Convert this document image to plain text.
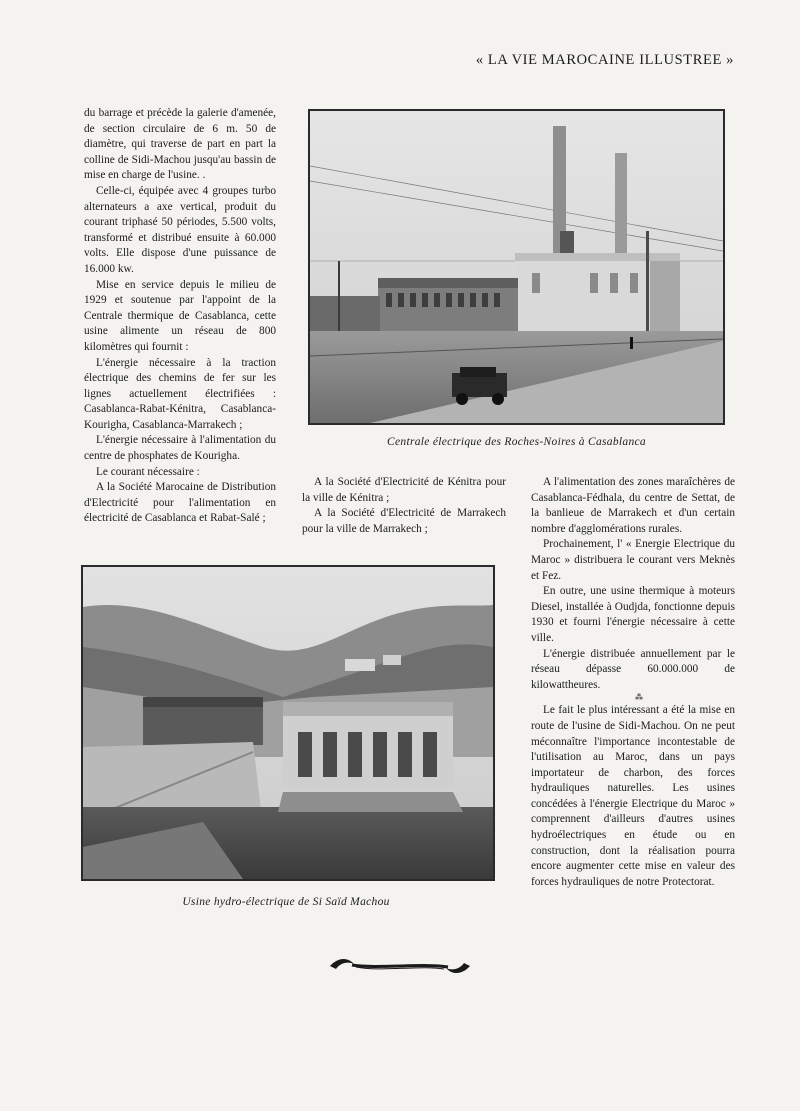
« LA VIE MAROCAINE ILLUSTREE »

du barrage et précède la galerie d'amenée, de section circulaire de 6 m. 50 de diamètre, qui traverse de part en part la colline de Sidi-Machou jusqu'au bassin de mise en charge de l'usine. .

Celle-ci, équipée avec 4 groupes turbo alternateurs a axe vertical, produit du courant triphasé 50 périodes, 5.500 volts, transformé et distribué ensuite à 60.000 volts. Elle dispose d'une puissance de 16.000 kw.

Mise en service depuis le milieu de 1929 et soutenue par l'appoint de la Centrale thermique de Casablanca, cette usine alimente un réseau de 800 kilomètres qui fournit :

L'énergie nécessaire à la traction électrique des chemins de fer sur les lignes actuellement électrifiées : Casablanca-Rabat-Kénitra, Casablanca-Kourigha, Casablanca-Marrakech ;

L'énergie nécessaire à l'alimentation du centre de phosphates de Kourigha.

Le courant nécessaire :

A la Société Marocaine de Distribution d'Electricité pour l'alimentation en électricité de Casablanca et Rabat-Salé ;

Centrale électrique des Roches-Noires à Casablanca

A la Société d'Electricité de Kénitra pour la ville de Kénitra ;

A la Société d'Electricité de Marrakech pour la ville de Marrakech ;

A l'alimentation des zones maraîchères de Casablanca-Fédhala, du centre de Settat, de la banlieue de Marrakech et d'un certain nombre d'agglomérations rurales.

Prochainement, l' « Energie Electrique du Maroc » distribuera le courant vers Meknès et Fez.

En outre, une usine thermique à moteurs Diesel, installée à Oudjda, fonctionne depuis 1930 et fourni l'énergie nécessaire à cette ville.

L'énergie distribuée annuellement par le réseau dépasse 60.000.000 de kilowattheures.

⁂

Le fait le plus intéressant a été la mise en route de l'usine de Sidi-Machou. On ne peut méconnaître l'importance incontestable de l'utilisation au Maroc, dans un pays importateur de charbon, des forces hydrauliques naturelles. Les usines concédées à l'énergie Electrique du Maroc » comprennent d'ailleurs d'autres usines hydroélectriques en étude ou en construction, dont la réalisation pourra encore augmenter cette mise en valeur des forces hydrauliques de notre Protectorat.

Usine hydro-électrique de Si Saïd Machou
